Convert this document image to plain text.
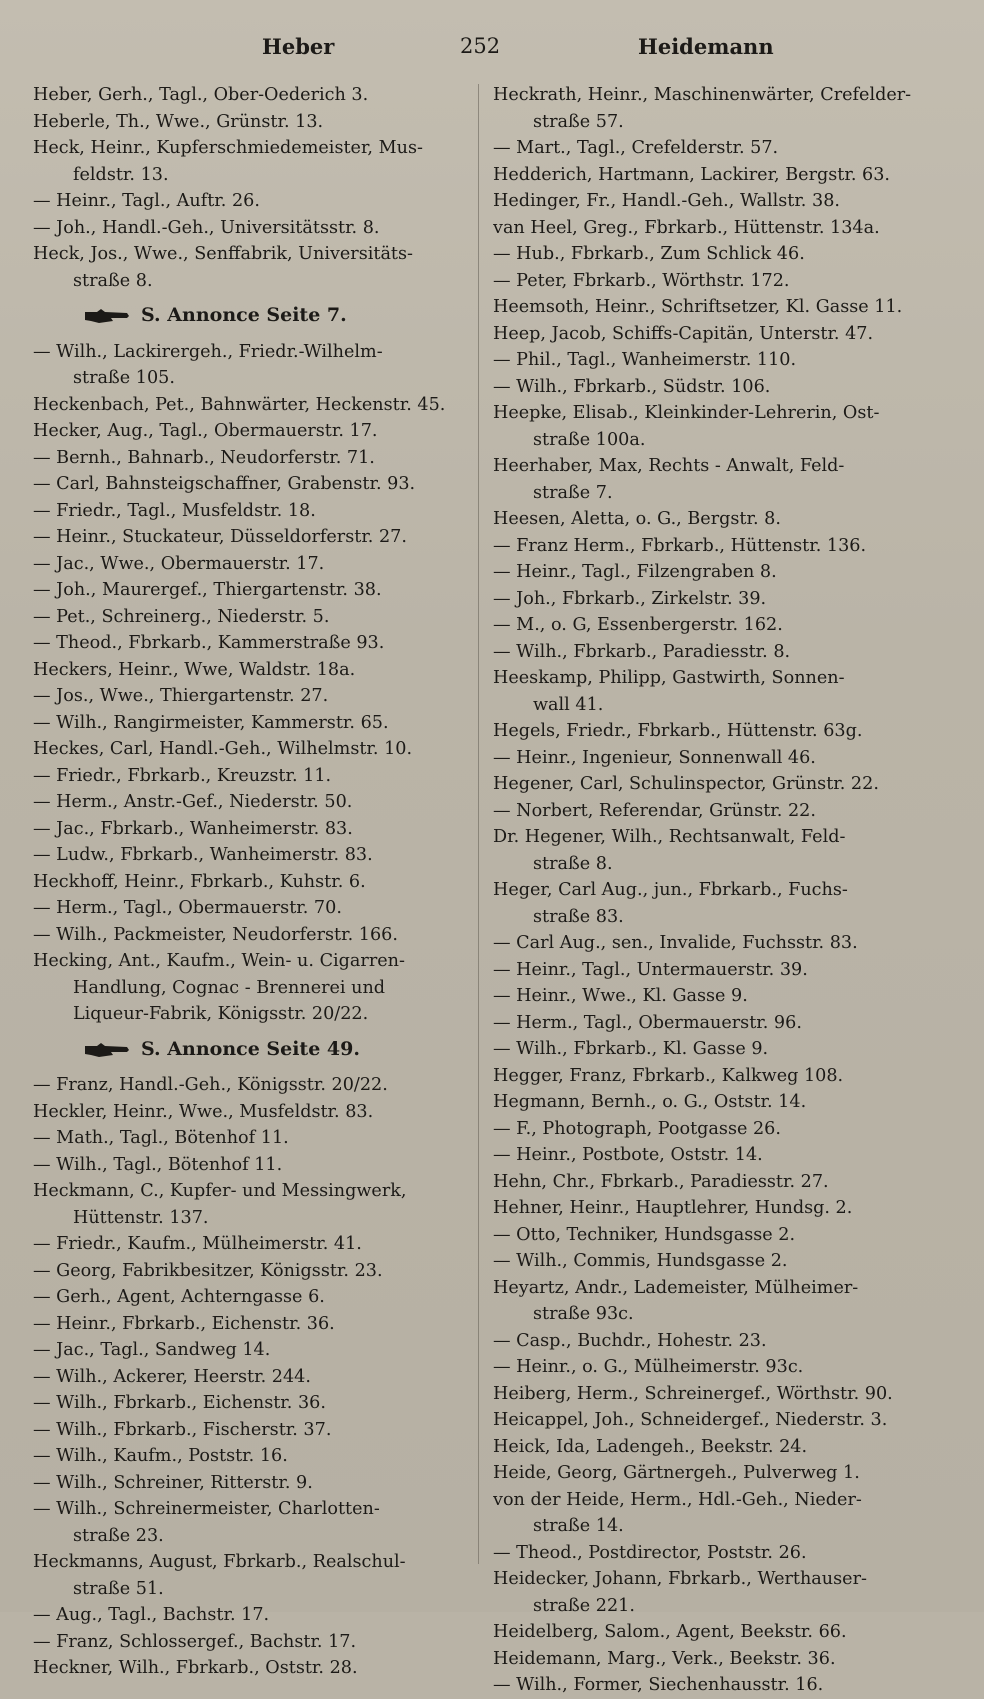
Heber	252	Heidemann
Heber, Gerh., Tagl., Ober-Oederich 3.
Heberle, Th., Wwe., Grünstr. 13.
Heck, Heinr., Kupferschmiedemeister, Mus-
feldstr. 13.
— Heinr., Tagl., Auftr. 26.
— Joh., Handl.-Geh., Universitätsstr. 8.
Heck, Jos., Wwe., Senffabrik, Universitäts-
straße 8.
S. Annonce Seite 7.
— Wilh., Lackirergeh., Friedr.-Wilhelm-
straße 105.
Heckenbach, Pet., Bahnwärter, Heckenstr. 45.
Hecker, Aug., Tagl., Obermauerstr. 17.
— Bernh., Bahnarb., Neudorferstr. 71.
— Carl, Bahnsteigschaffner, Grabenstr. 93.
— Friedr., Tagl., Musfeldstr. 18.
— Heinr., Stuckateur, Düsseldorferstr. 27.
— Jac., Wwe., Obermauerstr. 17.
— Joh., Maurergef., Thiergartenstr. 38.
— Pet., Schreinerg., Niederstr. 5.
— Theod., Fbrkarb., Kammerstraße 93.
Heckers, Heinr., Wwe, Waldstr. 18a.
— Jos., Wwe., Thiergartenstr. 27.
— Wilh., Rangirmeister, Kammerstr. 65.
Heckes, Carl, Handl.-Geh., Wilhelmstr. 10.
— Friedr., Fbrkarb., Kreuzstr. 11.
— Herm., Anstr.-Gef., Niederstr. 50.
— Jac., Fbrkarb., Wanheimerstr. 83.
— Ludw., Fbrkarb., Wanheimerstr. 83.
Heckhoff, Heinr., Fbrkarb., Kuhstr. 6.
— Herm., Tagl., Obermauerstr. 70.
— Wilh., Packmeister, Neudorferstr. 166.
Hecking, Ant., Kaufm., Wein- u. Cigarren-
Handlung, Cognac - Brennerei und
Liqueur-Fabrik, Königsstr. 20/22.
S. Annonce Seite 49.
— Franz, Handl.-Geh., Königsstr. 20/22.
Heckler, Heinr., Wwe., Musfeldstr. 83.
— Math., Tagl., Bötenhof 11.
— Wilh., Tagl., Bötenhof 11.
Heckmann, C., Kupfer- und Messingwerk,
Hüttenstr. 137.
— Friedr., Kaufm., Mülheimerstr. 41.
— Georg, Fabrikbesitzer, Königsstr. 23.
— Gerh., Agent, Achterngasse 6.
— Heinr., Fbrkarb., Eichenstr. 36.
— Jac., Tagl., Sandweg 14.
— Wilh., Ackerer, Heerstr. 244.
— Wilh., Fbrkarb., Eichenstr. 36.
— Wilh., Fbrkarb., Fischerstr. 37.
— Wilh., Kaufm., Poststr. 16.
— Wilh., Schreiner, Ritterstr. 9.
— Wilh., Schreinermeister, Charlotten-
straße 23.
Heckmanns, August, Fbrkarb., Realschul-
straße 51.
— Aug., Tagl., Bachstr. 17.
— Franz, Schlossergef., Bachstr. 17.
Heckner, Wilh., Fbrkarb., Oststr. 28.
Heckrath, Heinr., Maschinenwärter, Crefelder-
straße 57.
— Mart., Tagl., Crefelderstr. 57.
Hedderich, Hartmann, Lackirer, Bergstr. 63.
Hedinger, Fr., Handl.-Geh., Wallstr. 38.
van Heel, Greg., Fbrkarb., Hüttenstr. 134a.
— Hub., Fbrkarb., Zum Schlick 46.
— Peter, Fbrkarb., Wörthstr. 172.
Heemsoth, Heinr., Schriftsetzer, Kl. Gasse 11.
Heep, Jacob, Schiffs-Capitän, Unterstr. 47.
— Phil., Tagl., Wanheimerstr. 110.
— Wilh., Fbrkarb., Südstr. 106.
Heepke, Elisab., Kleinkinder-Lehrerin, Ost-
straße 100a.
Heerhaber, Max, Rechts - Anwalt, Feld-
straße 7.
Heesen, Aletta, o. G., Bergstr. 8.
— Franz Herm., Fbrkarb., Hüttenstr. 136.
— Heinr., Tagl., Filzengraben 8.
— Joh., Fbrkarb., Zirkelstr. 39.
— M., o. G, Essenbergerstr. 162.
— Wilh., Fbrkarb., Paradiesstr. 8.
Heeskamp, Philipp, Gastwirth, Sonnen-
wall 41.
Hegels, Friedr., Fbrkarb., Hüttenstr. 63g.
— Heinr., Ingenieur, Sonnenwall 46.
Hegener, Carl, Schulinspector, Grünstr. 22.
— Norbert, Referendar, Grünstr. 22.
Dr. Hegener, Wilh., Rechtsanwalt, Feld-
straße 8.
Heger, Carl Aug., jun., Fbrkarb., Fuchs-
straße 83.
— Carl Aug., sen., Invalide, Fuchsstr. 83.
— Heinr., Tagl., Untermauerstr. 39.
— Heinr., Wwe., Kl. Gasse 9.
— Herm., Tagl., Obermauerstr. 96.
— Wilh., Fbrkarb., Kl. Gasse 9.
Hegger, Franz, Fbrkarb., Kalkweg 108.
Hegmann, Bernh., o. G., Oststr. 14.
— F., Photograph, Pootgasse 26.
— Heinr., Postbote, Oststr. 14.
Hehn, Chr., Fbrkarb., Paradiesstr. 27.
Hehner, Heinr., Hauptlehrer, Hundsg. 2.
— Otto, Techniker, Hundsgasse 2.
— Wilh., Commis, Hundsgasse 2.
Heyartz, Andr., Lademeister, Mülheimer-
straße 93c.
— Casp., Buchdr., Hohestr. 23.
— Heinr., o. G., Mülheimerstr. 93c.
Heiberg, Herm., Schreinergef., Wörthstr. 90.
Heicappel, Joh., Schneidergef., Niederstr. 3.
Heick, Ida, Ladengeh., Beekstr. 24.
Heide, Georg, Gärtnergeh., Pulverweg 1.
von der Heide, Herm., Hdl.-Geh., Nieder-
straße 14.
— Theod., Postdirector, Poststr. 26.
Heidecker, Johann, Fbrkarb., Werthauser-
straße 221.
Heidelberg, Salom., Agent, Beekstr. 66.
Heidemann, Marg., Verk., Beekstr. 36.
— Wilh., Former, Siechenhausstr. 16.
